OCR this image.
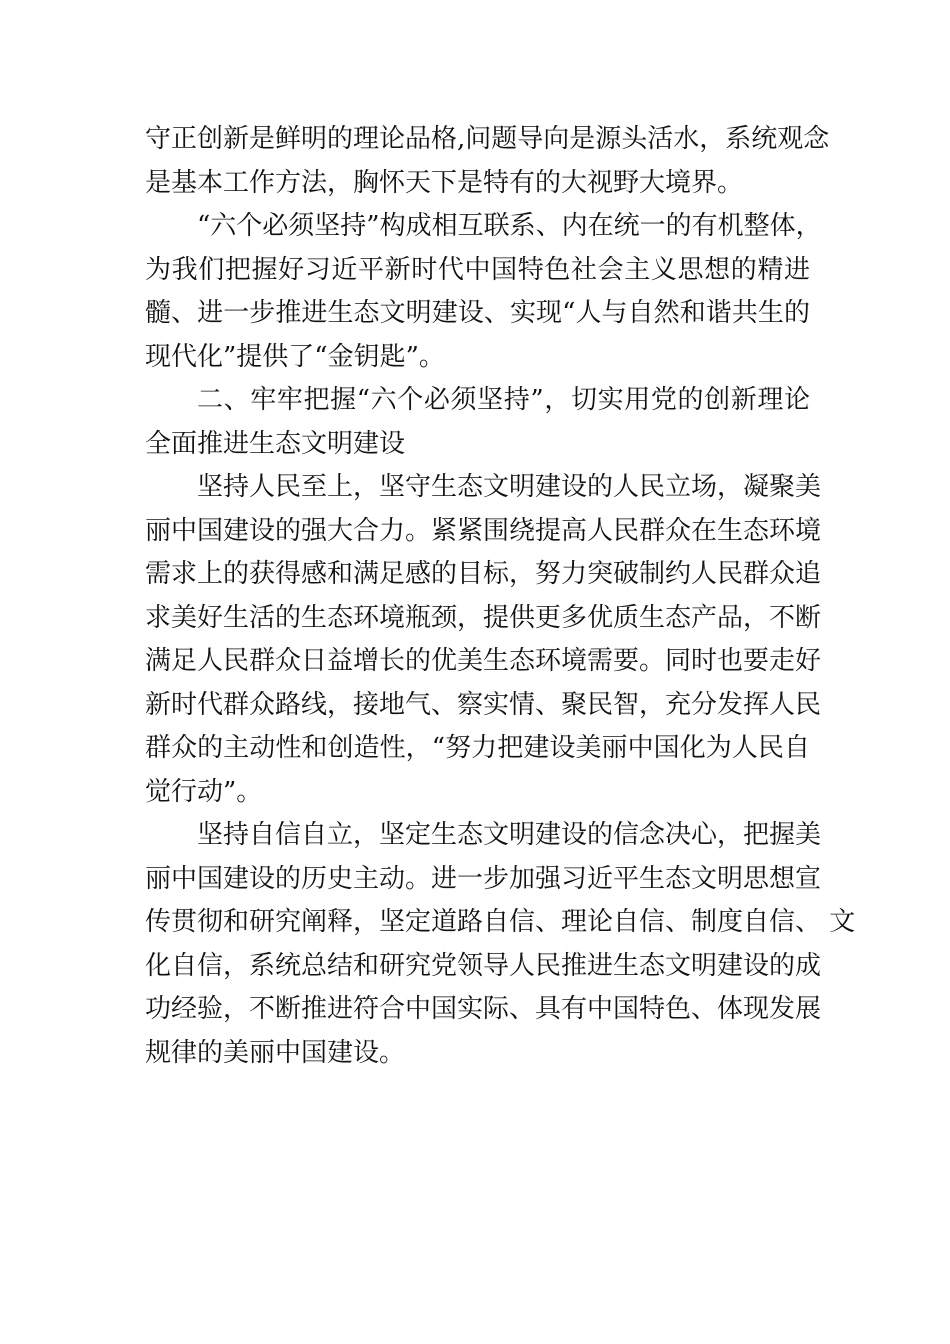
守正创新是鲜明的理论品格,问题导向是源头活水，系统观念
是基本工作方法，胸怀天下是特有的大视野大境界。
“六个必须坚持”构成相互联系、内在统一的有机整体，
为我们把握好习近平新时代中国特色社会主义思想的精进
髓、进一步推进生态文明建设、实现“人与自然和谐共生的
现代化”提供了“金钥匙”。
二、牢牢把握“六个必须坚持”，切实用党的创新理论
全面推进生态文明建设
坚持人民至上，坚守生态文明建设的人民立场，凝聚美
丽中国建设的强大合力。紧紧围绕提高人民群众在生态环境
需求上的获得感和满足感的目标，努力突破制约人民群众追
求美好生活的生态环境瓶颈，提供更多优质生态产品，不断
满足人民群众日益增长的优美生态环境需要。同时也要走好
新时代群众路线，接地气、察实情、聚民智，充分发挥人民
群众的主动性和创造性，“努力把建设美丽中国化为人民自
觉行动”。
坚持自信自立，坚定生态文明建设的信念决心，把握美
丽中国建设的历史主动。进一步加强习近平生态文明思想宣
传贯彻和研究阐释，坚定道路自信、理论自信、制度自信、 文
化自信，系统总结和研究党领导人民推进生态文明建设的成
功经验，不断推进符合中国实际、具有中国特色、体现发展
规律的美丽中国建设。
